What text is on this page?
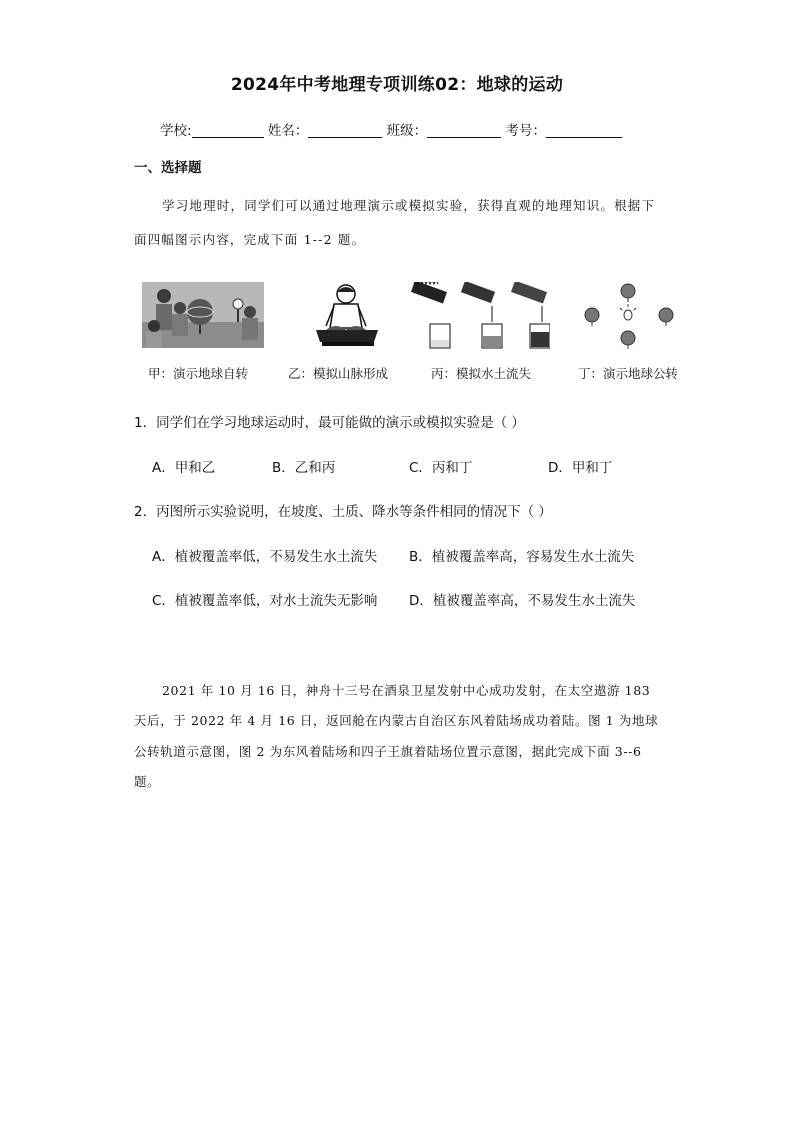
2024年中考地理专项训练02：地球的运动
学校:	姓名：	班级：	考号：
一、选择题
学习地理时，同学们可以通过地理演示或模拟实验，获得直观的地理知识。根据下
面四幅图示内容，完成下面 1--2 题。
甲：演示地球自转	乙：模拟山脉形成	丙：模拟水土流失	丁：演示地球公转
1．同学们在学习地球运动时，最可能做的演示或模拟实验是（ ）
A．甲和乙	B．乙和丙	C．丙和丁	D．甲和丁
2．丙图所示实验说明，在坡度、土质、降水等条件相同的情况下（ ）
A．植被覆盖率低，不易发生水土流失 B．植被覆盖率高，容易发生水土流失
C．植被覆盖率低，对水土流失无影响 D．植被覆盖率高，不易发生水土流失
2021 年 10 月 16 日，神舟十三号在酒泉卫星发射中心成功发射，在太空遨游 183
天后，于 2022 年 4 月 16 日，返回舱在内蒙古自治区东风着陆场成功着陆。图 1 为地球
公转轨道示意图，图 2 为东风着陆场和四子王旗着陆场位置示意图，据此完成下面 3--6
题。
